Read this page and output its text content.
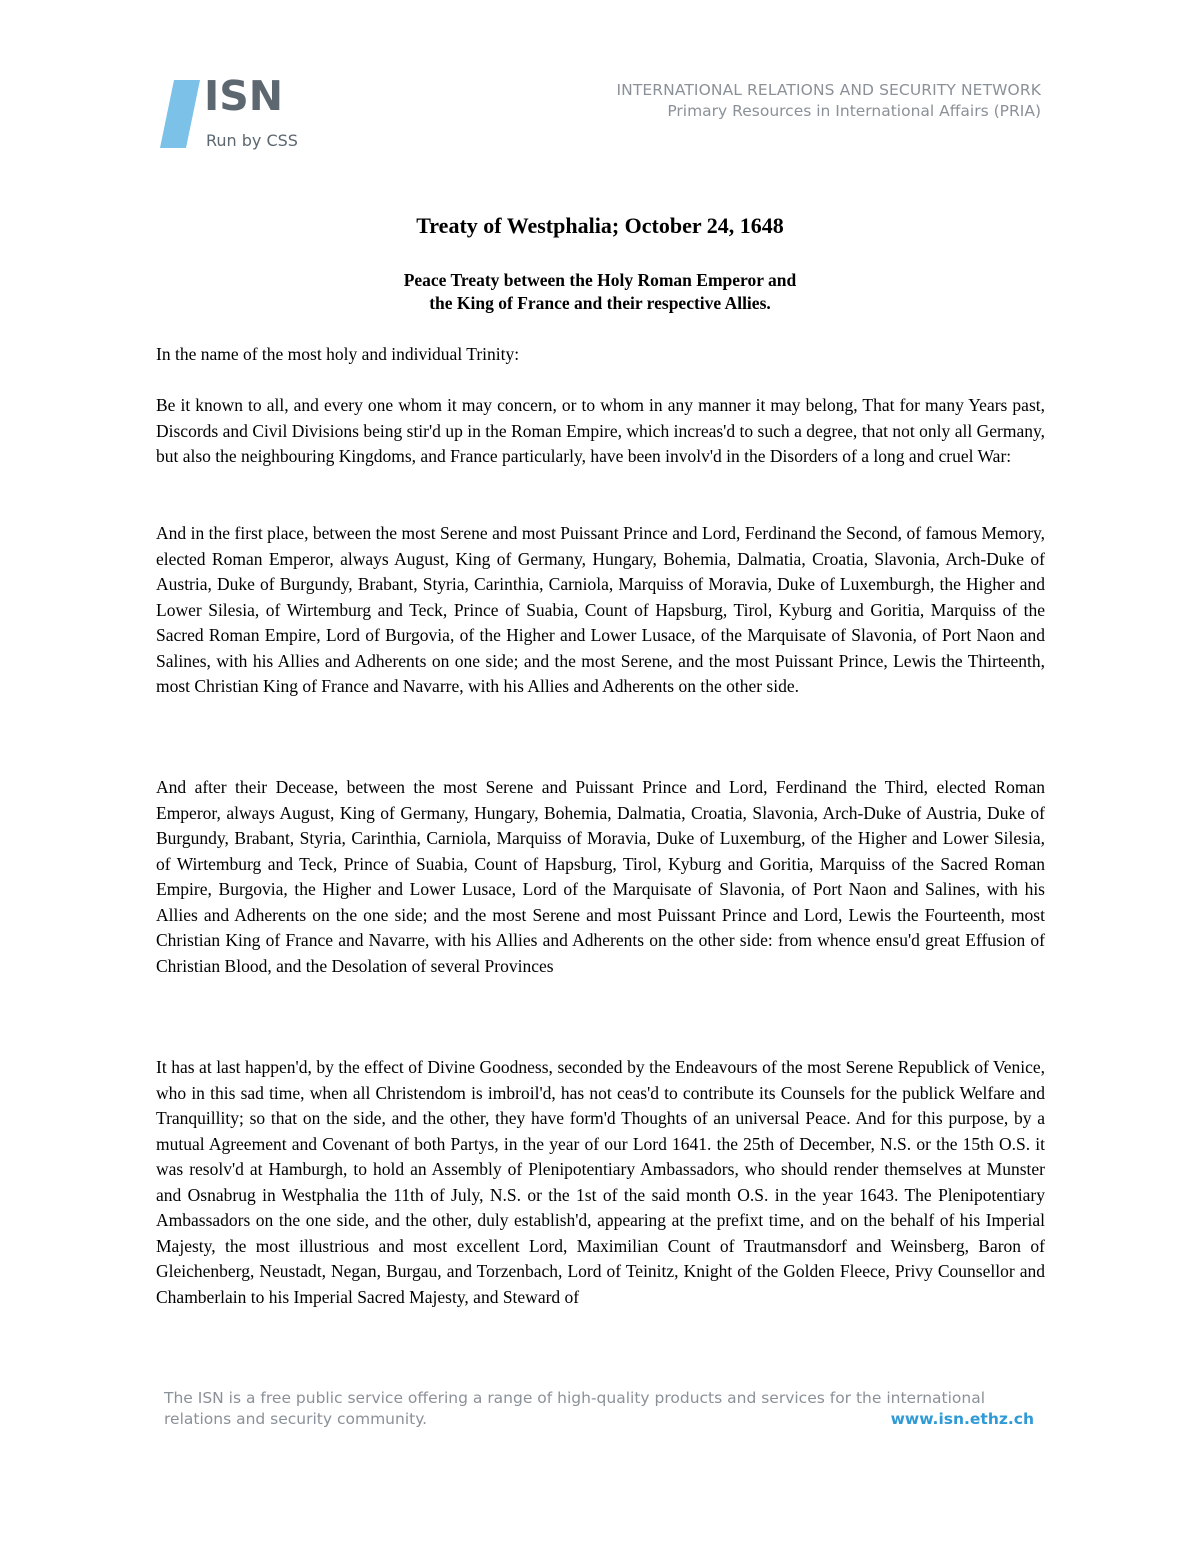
ISN
Run by CSS
INTERNATIONAL RELATIONS AND SECURITY NETWORK
Primary Resources in International Affairs (PRIA)
Treaty of Westphalia; October 24, 1648
Peace Treaty between the Holy Roman Emperor and
the King of France and their respective Allies.

In the name of the most holy and individual Trinity:

Be it known to all, and every one whom it may concern, or to whom in any manner it may belong, That for many Years past, Discords and Civil Divisions being stir'd up in the Roman Empire, which increas'd to such a degree, that not only all Germany, but also the neighbouring Kingdoms, and France particularly, have been involv'd in the Disorders of a long and cruel War:

And in the first place, between the most Serene and most Puissant Prince and Lord, Ferdinand the Second, of famous Memory, elected Roman Emperor, always August, King of Germany, Hungary, Bohemia, Dalmatia, Croatia, Slavonia, Arch-Duke of Austria, Duke of Burgundy, Brabant, Styria, Carinthia, Carniola, Marquiss of Moravia, Duke of Luxemburgh, the Higher and Lower Silesia, of Wirtemburg and Teck, Prince of Suabia, Count of Hapsburg, Tirol, Kyburg and Goritia, Marquiss of the Sacred Roman Empire, Lord of Burgovia, of the Higher and Lower Lusace, of the Marquisate of Slavonia, of Port Naon and Salines, with his Allies and Adherents on one side; and the most Serene, and the most Puissant Prince, Lewis the Thirteenth, most Christian King of France and Navarre, with his Allies and Adherents on the other side.

And after their Decease, between the most Serene and Puissant Prince and Lord, Ferdinand the Third, elected Roman Emperor, always August, King of Germany, Hungary, Bohemia, Dalmatia, Croatia, Slavonia, Arch-Duke of Austria, Duke of Burgundy, Brabant, Styria, Carinthia, Carniola, Marquiss of Moravia, Duke of Luxemburg, of the Higher and Lower Silesia, of Wirtemburg and Teck, Prince of Suabia, Count of Hapsburg, Tirol, Kyburg and Goritia, Marquiss of the Sacred Roman Empire, Burgovia, the Higher and Lower Lusace, Lord of the Marquisate of Slavonia, of Port Naon and Salines, with his Allies and Adherents on the one side; and the most Serene and most Puissant Prince and Lord, Lewis the Fourteenth, most Christian King of France and Navarre, with his Allies and Adherents on the other side: from whence ensu'd great Effusion of Christian Blood, and the Desolation of several Provinces

It has at last happen'd, by the effect of Divine Goodness, seconded by the Endeavours of the most Serene Republick of Venice, who in this sad time, when all Christendom is imbroil'd, has not ceas'd to contribute its Counsels for the publick Welfare and Tranquillity; so that on the side, and the other, they have form'd Thoughts of an universal Peace. And for this purpose, by a mutual Agreement and Covenant of both Partys, in the year of our Lord 1641. the 25th of December, N.S. or the 15th O.S. it was resolv'd at Hamburgh, to hold an Assembly of Plenipotentiary Ambassadors, who should render themselves at Munster and Osnabrug in Westphalia the 11th of July, N.S. or the 1st of the said month O.S. in the year 1643. The Plenipotentiary Ambassadors on the one side, and the other, duly establish'd, appearing at the prefixt time, and on the behalf of his Imperial Majesty, the most illustrious and most excellent Lord, Maximilian Count of Trautmansdorf and Weinsberg, Baron of Gleichenberg, Neustadt, Negan, Burgau, and Torzenbach, Lord of Teinitz, Knight of the Golden Fleece, Privy Counsellor and Chamberlain to his Imperial Sacred Majesty, and Steward of

The ISN is a free public service offering a range of high-quality products and services for the international relations and security community.	www.isn.ethz.ch
